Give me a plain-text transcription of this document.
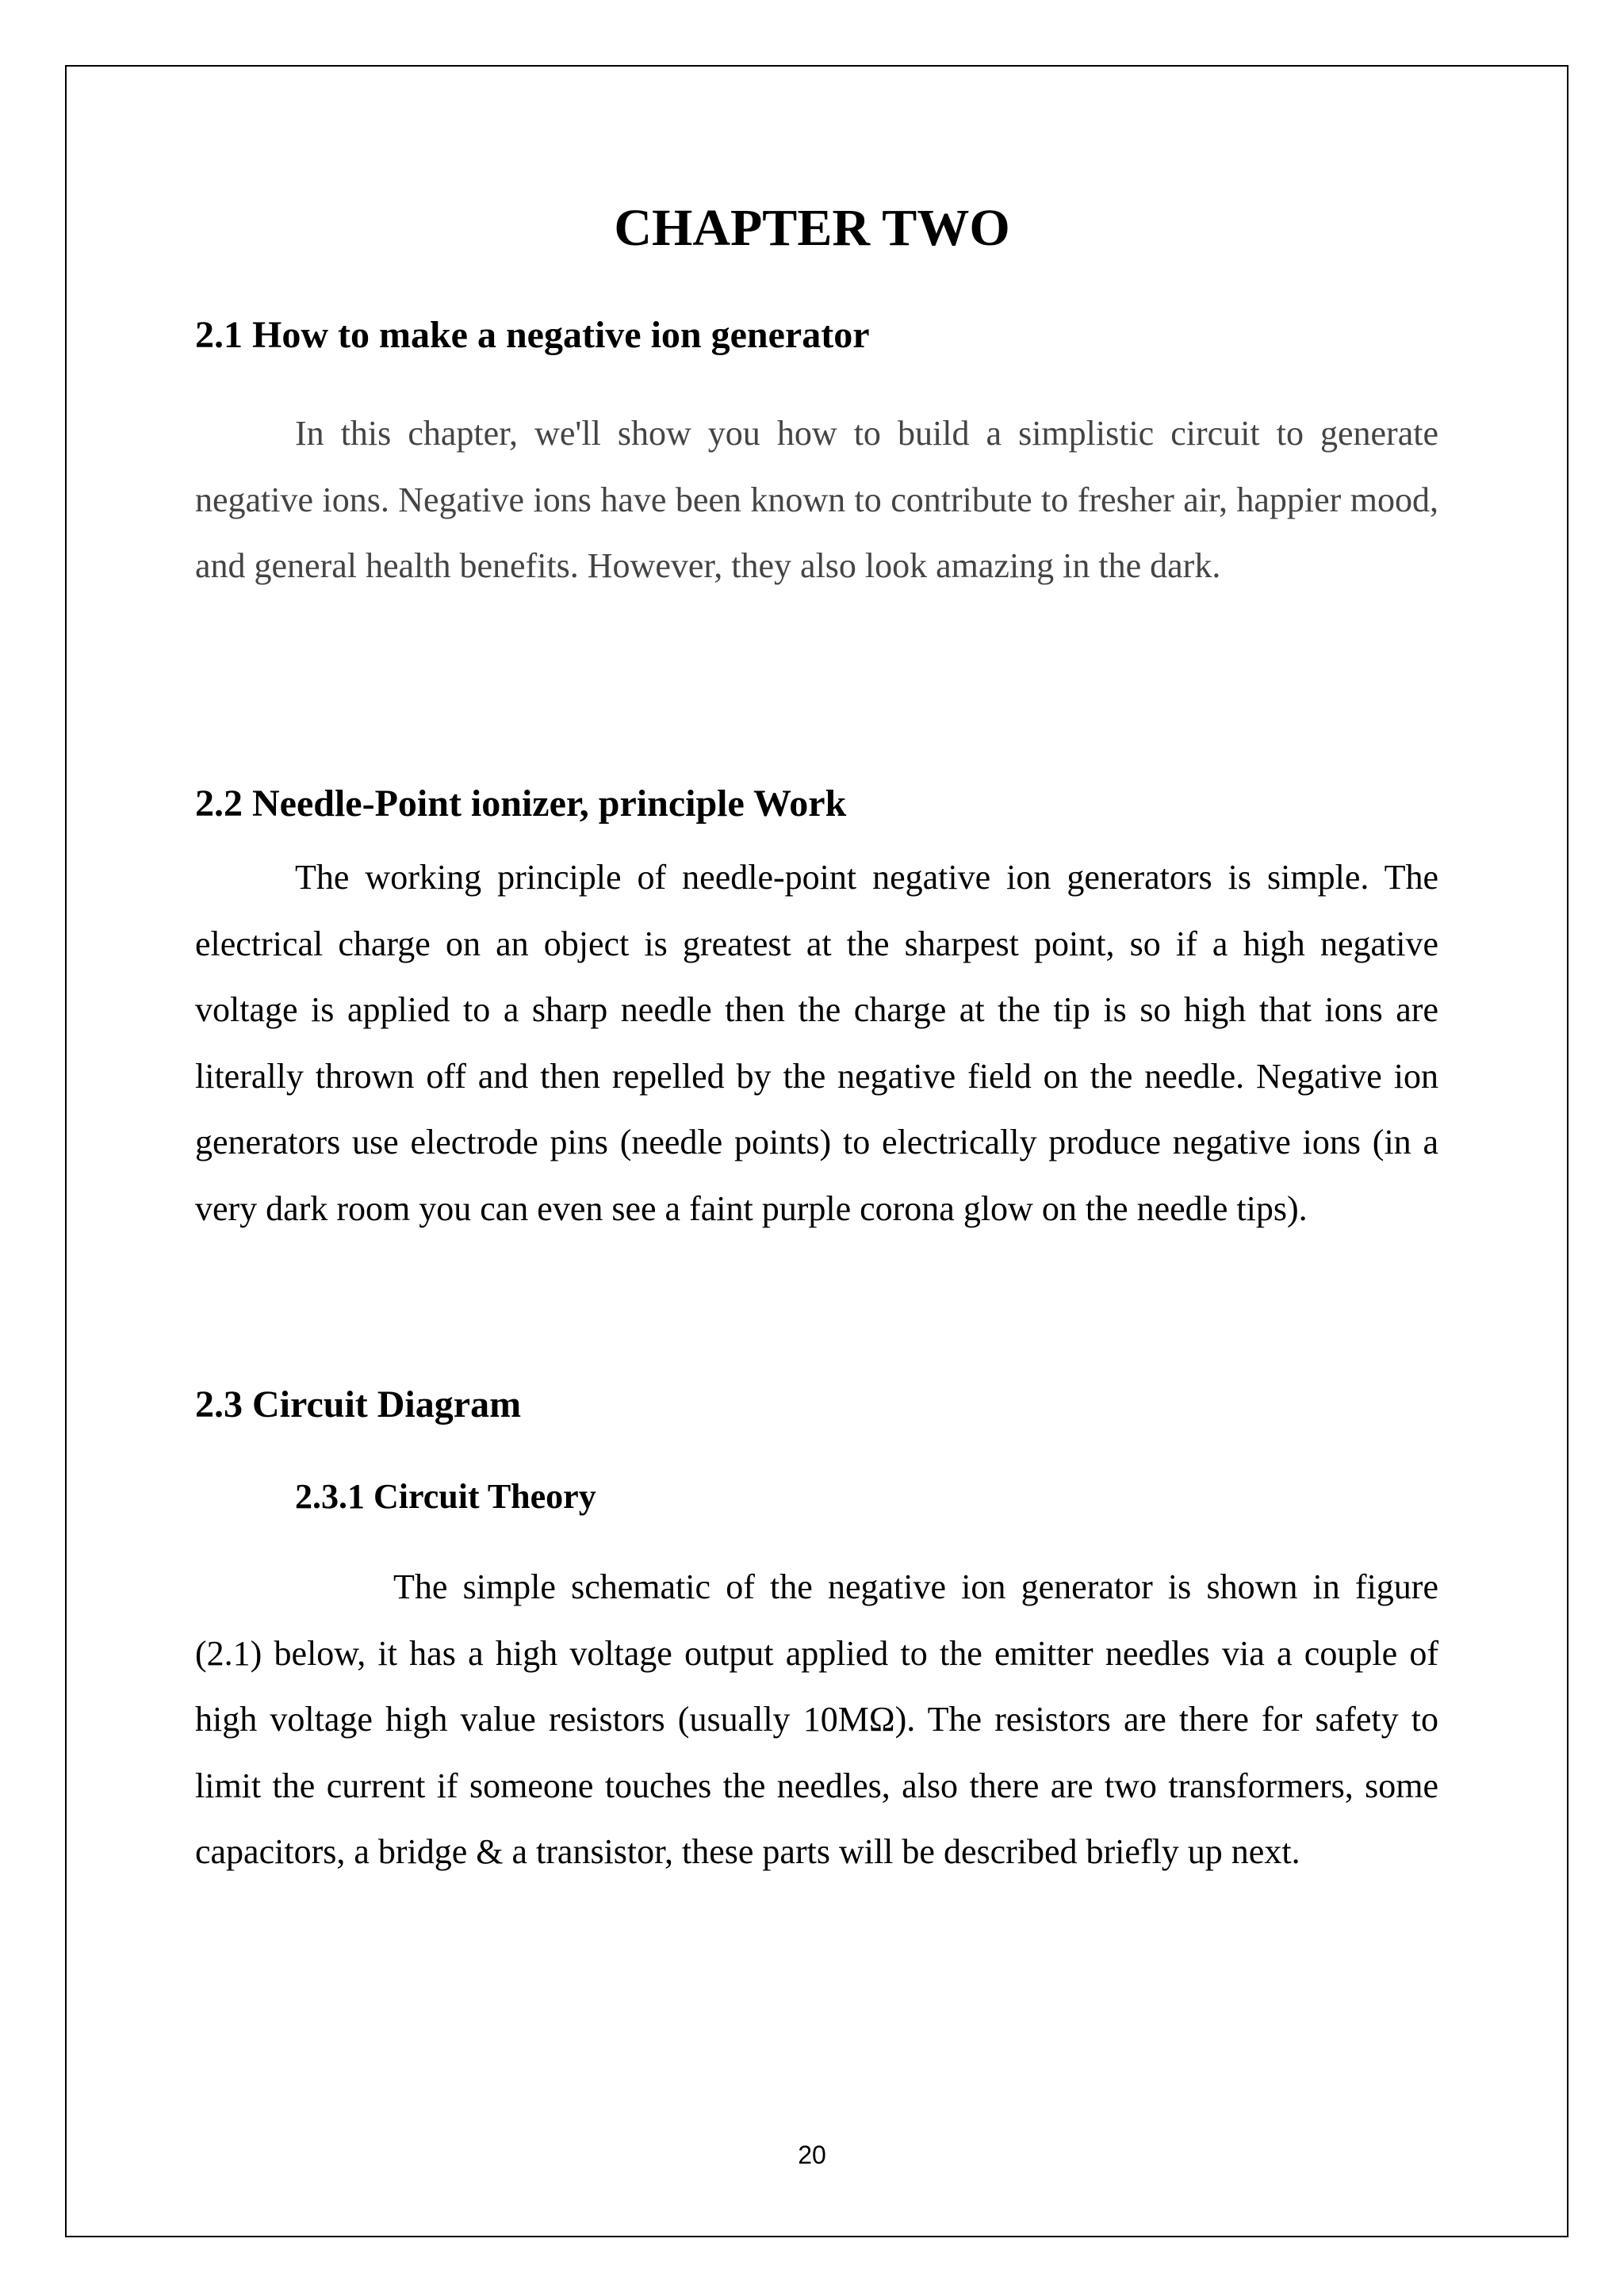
CHAPTER TWO
2.1 How to make a negative ion generator

In this chapter, we'll show you how to build a simplistic circuit to generate negative ions. Negative ions have been known to contribute to fresher air, happier mood, and general health benefits. However, they also look amazing in the dark.

2.2 Needle-Point ionizer, principle Work

The working principle of needle-point negative ion generators is simple. The electrical charge on an object is greatest at the sharpest point, so if a high negative voltage is applied to a sharp needle then the charge at the tip is so high that ions are literally thrown off and then repelled by the negative field on the needle. Negative ion generators use electrode pins (needle points) to electrically produce negative ions (in a very dark room you can even see a faint purple corona glow on the needle tips).

2.3 Circuit Diagram
2.3.1 Circuit Theory

The simple schematic of the negative ion generator is shown in figure (2.1) below, it has a high voltage output applied to the emitter needles via a couple of high voltage high value resistors (usually 10MΩ). The resistors are there for safety to limit the current if someone touches the needles, also there are two transformers, some capacitors, a bridge & a transistor, these parts will be described briefly up next.

20
